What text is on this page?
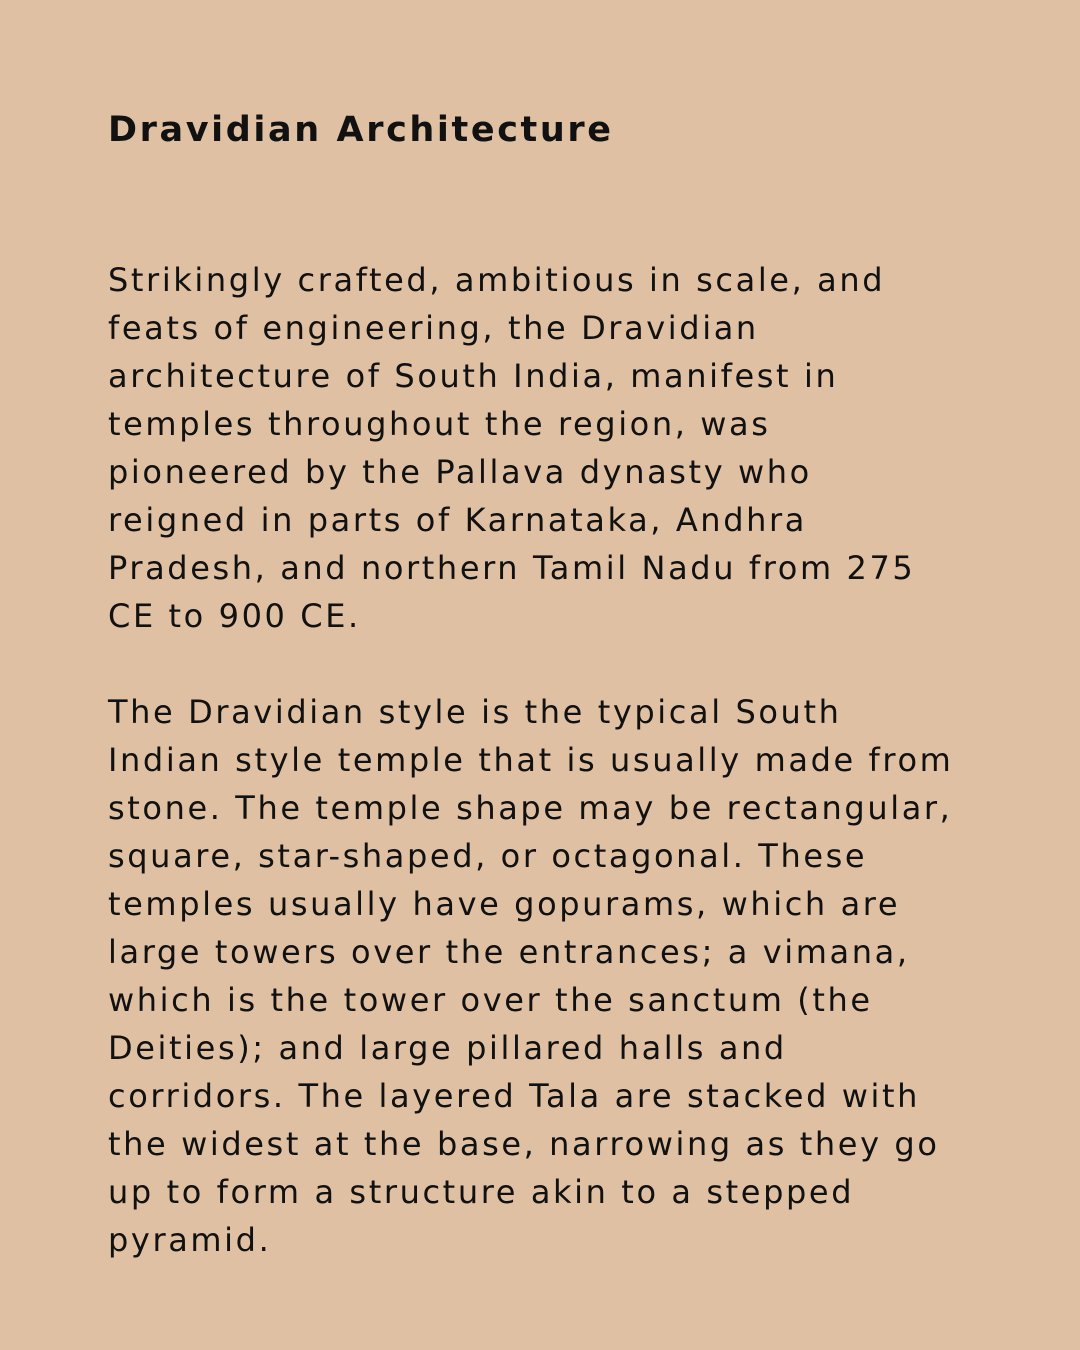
Dravidian Architecture

Strikingly crafted, ambitious in scale, and
feats of engineering, the Dravidian
architecture of South India, manifest in
temples throughout the region, was
pioneered by the Pallava dynasty who
reigned in parts of Karnataka, Andhra
Pradesh, and northern Tamil Nadu from 275
CE to 900 CE.

The Dravidian style is the typical South
Indian style temple that is usually made from
stone. The temple shape may be rectangular,
square, star-shaped, or octagonal. These
temples usually have gopurams, which are
large towers over the entrances; a vimana,
which is the tower over the sanctum (the
Deities); and large pillared halls and
corridors. The layered Tala are stacked with
the widest at the base, narrowing as they go
up to form a structure akin to a stepped
pyramid.
